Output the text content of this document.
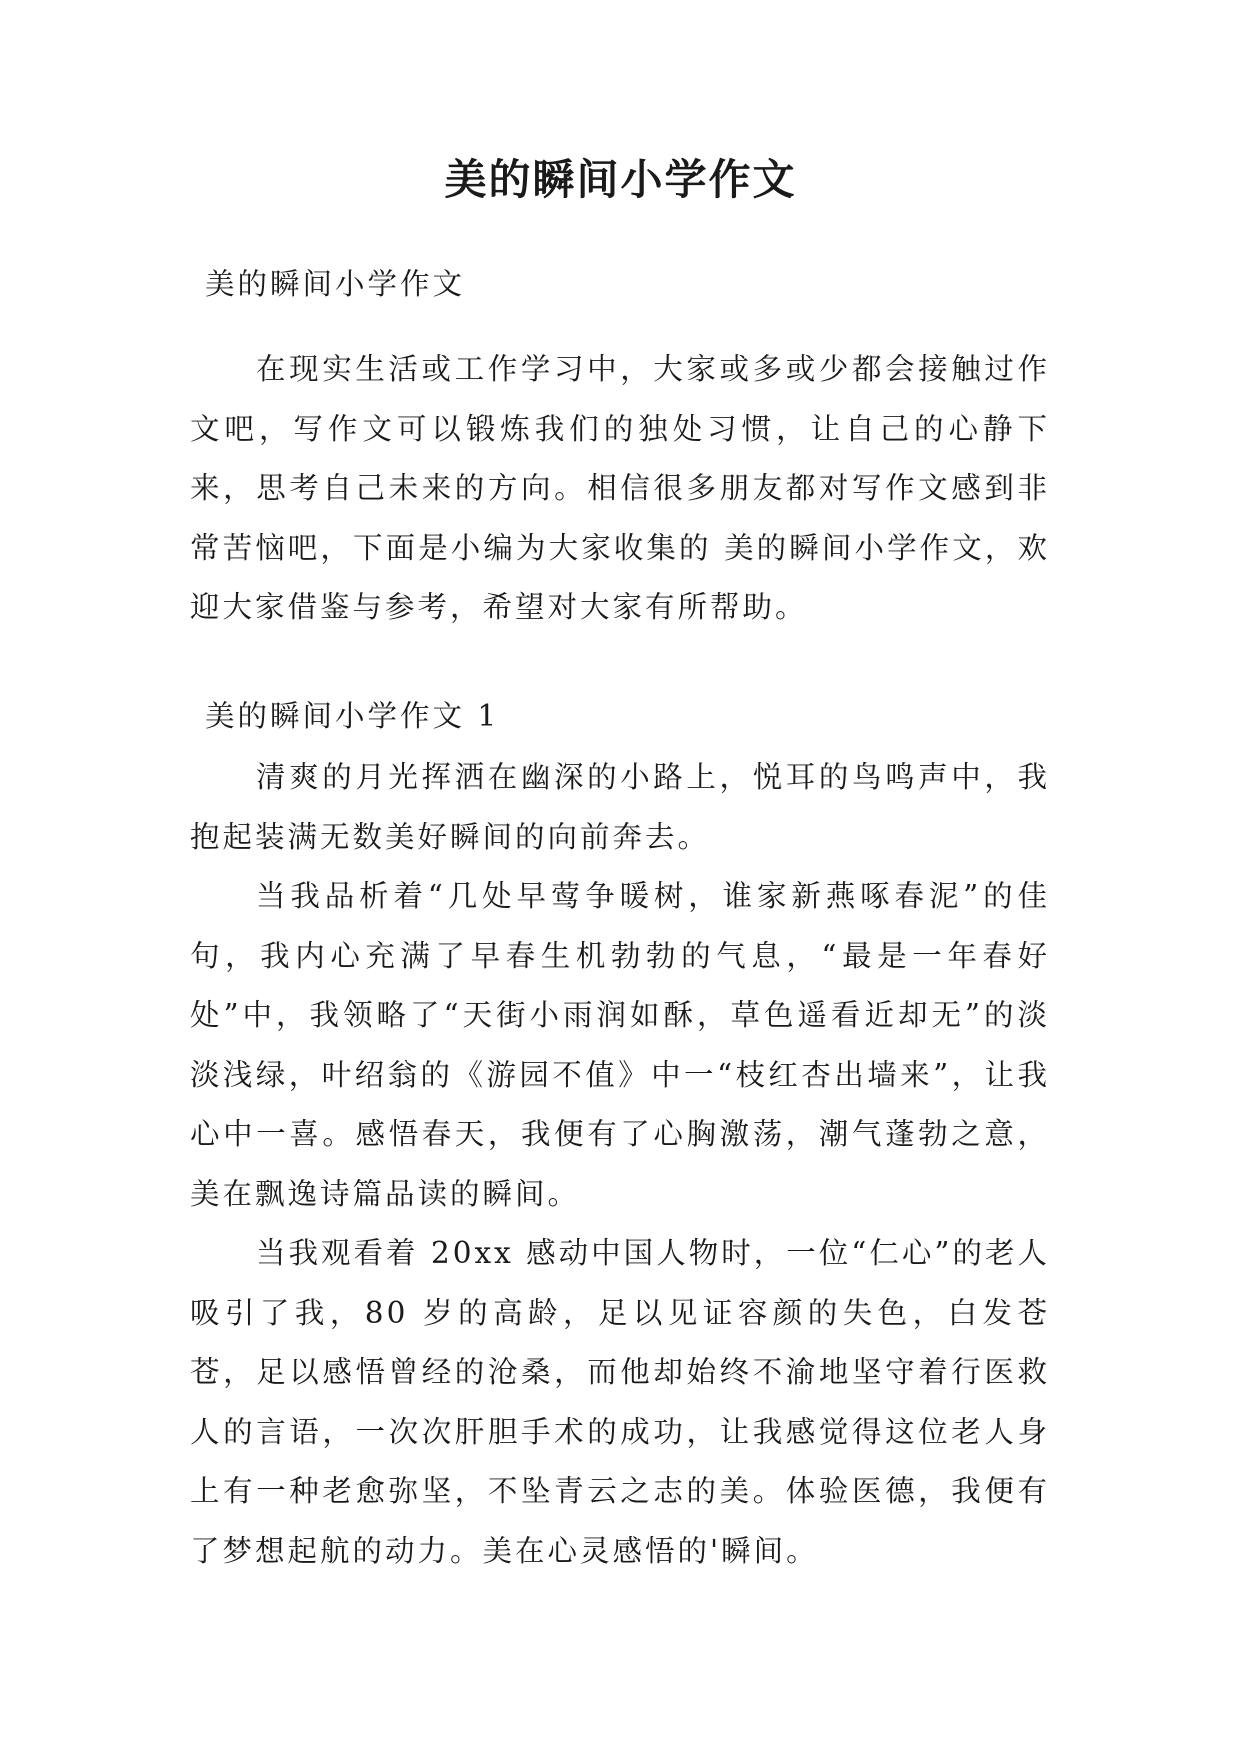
美的瞬间小学作文
美的瞬间小学作文

在现实生活或工作学习中，大家或多或少都会接触过作文吧，写作文可以锻炼我们的独处习惯，让自己的心静下来，思考自己未来的方向。相信很多朋友都对写作文感到非常苦恼吧，下面是小编为大家收集的 美的瞬间小学作文，欢迎大家借鉴与参考，希望对大家有所帮助。

美的瞬间小学作文 1

清爽的月光挥洒在幽深的小路上，悦耳的鸟鸣声中，我抱起装满无数美好瞬间的向前奔去。

当我品析着“几处早莺争暖树，谁家新燕啄春泥”的佳句，我内心充满了早春生机勃勃的气息，“最是一年春好处”中，我领略了“天街小雨润如酥，草色遥看近却无”的淡淡浅绿，叶绍翁的《游园不值》中一“枝红杏出墙来”，让我心中一喜。感悟春天，我便有了心胸激荡，潮气蓬勃之意，美在飘逸诗篇品读的瞬间。

当我观看着 20xx 感动中国人物时，一位“仁心”的老人吸引了我，80 岁的高龄，足以见证容颜的失色，白发苍苍，足以感悟曾经的沧桑，而他却始终不渝地坚守着行医救人的言语，一次次肝胆手术的成功，让我感觉得这位老人身上有一种老愈弥坚，不坠青云之志的美。体验医德，我便有了梦想起航的动力。美在心灵感悟的'瞬间。
